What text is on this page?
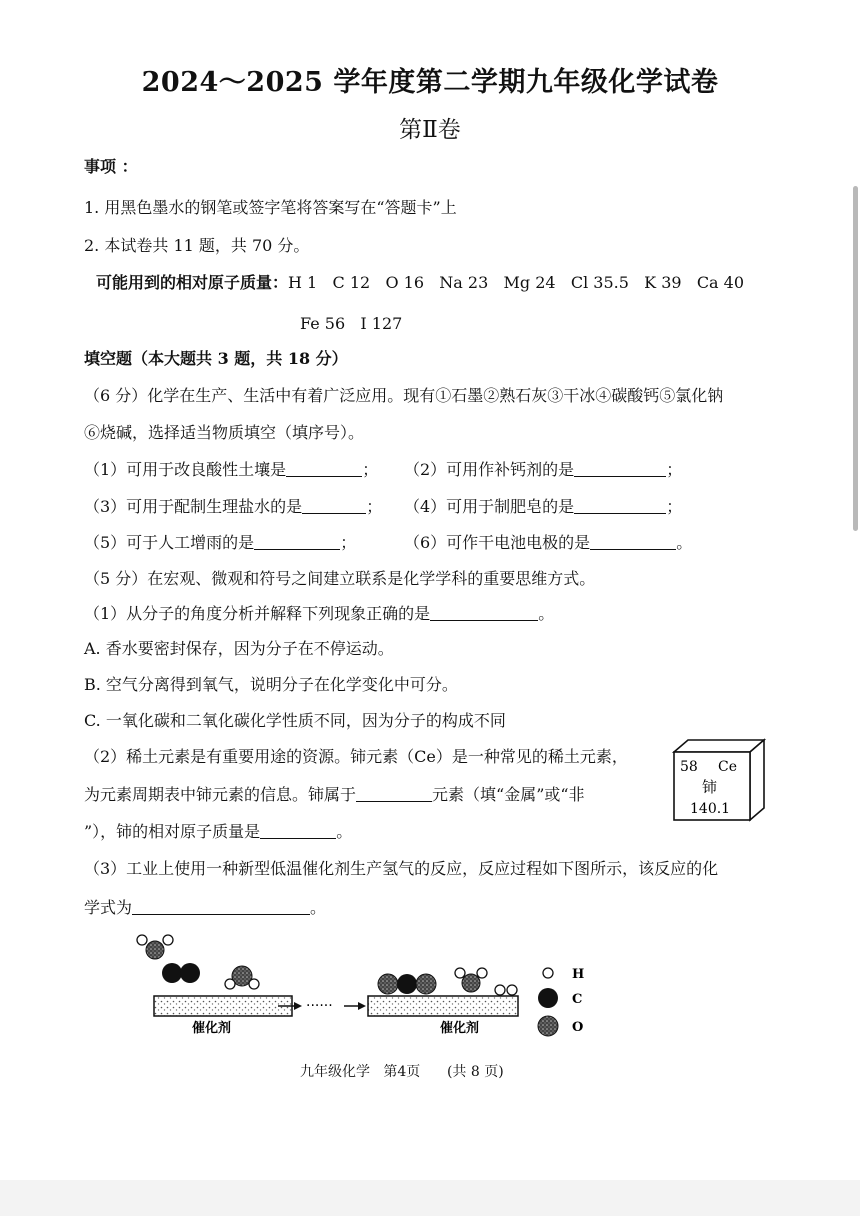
2024～2025 学年度第二学期九年级化学试卷
第Ⅱ卷
事项 ：
1. 用黑色墨水的钢笔或签字笔将答案写在“答题卡”上
2. 本试卷共 11 题，共 70 分。
可能用到的相对原子质量：H 1   C 12   O 16   Na 23   Mg 24   Cl 35.5   K 39   Ca 40
Fe 56   I 127
填空题（本大题共 3 题，共 18 分）
（6 分）化学在生产、生活中有着广泛应用。现有①石墨②熟石灰③干冰④碳酸钙⑤氯化钠
⑥烧碱，选择适当物质填空（填序号）。
（1）可用于改良酸性土壤是	； （2）可用作补钙剂的是	；
（3）可用于配制生理盐水的是	； （4）可用于制肥皂的是	；
（5）可于人工增雨的是	；	（6）可作干电池电极的是	。
（5 分）在宏观、微观和符号之间建立联系是化学学科的重要思维方式。
（1）从分子的角度分析并解释下列现象正确的是	。
A. 香水要密封保存，因为分子在不停运动。
B. 空气分离得到氧气，说明分子在化学变化中可分。
C. 一氧化碳和二氧化碳化学性质不同，因为分子的构成不同
（2）稀土元素是有重要用途的资源。铈元素（Ce）是一种常见的稀土元素，
为元素周期表中铈元素的信息。铈属于	元素（填“金属”或“非
”），铈的相对原子质量是	。
58 Ce
铈
140.1
（3）工业上使用一种新型低温催化剂生产氢气的反应，反应过程如下图所示，该反应的化
学式为	。
催化剂
······
催化剂
H
C
O
九年级化学   第4页      (共 8 页)
